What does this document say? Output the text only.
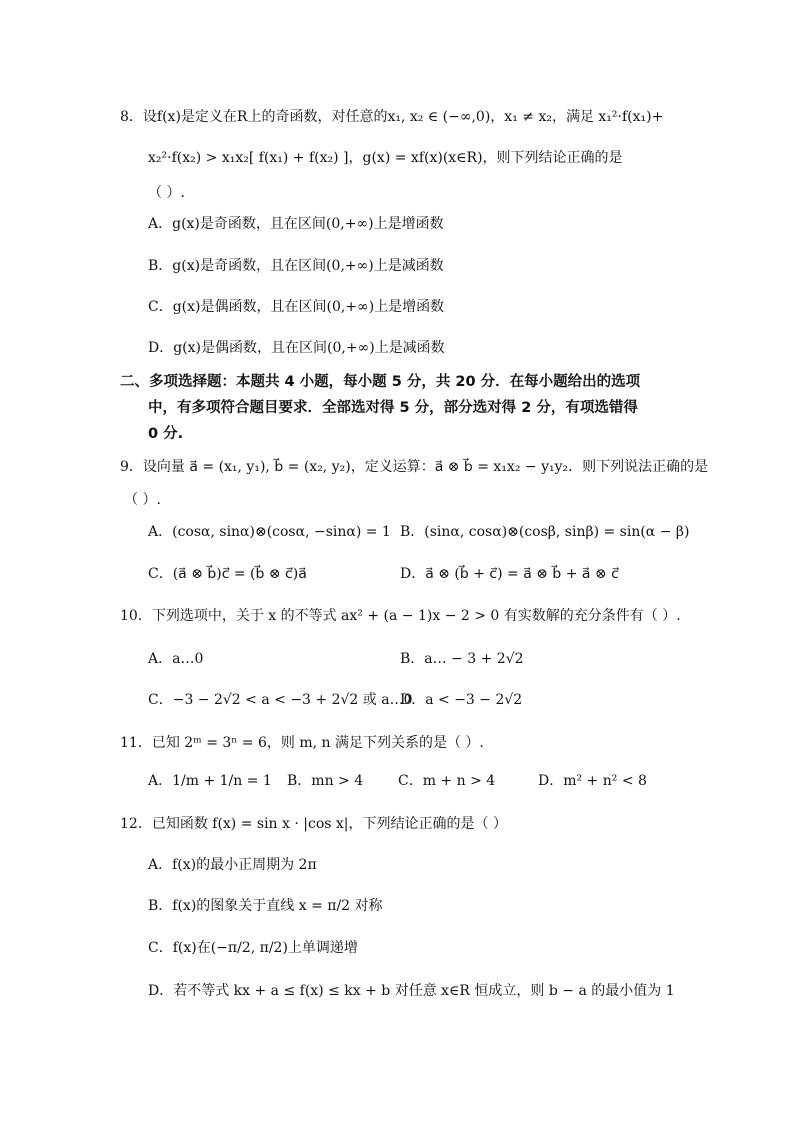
8．设f(x)是定义在R上的奇函数，对任意的x₁, x₂ ∈ (−∞,0)，x₁ ≠ x₂，满足 x₁²·f(x₁)+
x₂²·f(x₂) > x₁x₂[ f(x₁) + f(x₂) ]，g(x) = xf(x)(x∈R)，则下列结论正确的是
（ ）.
A．g(x)是奇函数，且在区间(0,+∞)上是增函数
B．g(x)是奇函数，且在区间(0,+∞)上是减函数
C．g(x)是偶函数，且在区间(0,+∞)上是增函数
D．g(x)是偶函数，且在区间(0,+∞)上是减函数
二、多项选择题：本题共 4 小题，每小题 5 分，共 20 分．在每小题给出的选项
中，有多项符合题目要求．全部选对得 5 分，部分选对得 2 分，有项选错得
0 分.
9．设向量 a⃗ = (x₁, y₁), b⃗ = (x₂, y₂)，定义运算：a⃗ ⊗ b⃗ = x₁x₂ − y₁y₂．则下列说法正确的是
（ ）.
A．(cosα, sinα)⊗(cosα, −sinα) = 1 B．(sinα, cosα)⊗(cosβ, sinβ) = sin(α − β)
C．(a⃗ ⊗ b⃗)c⃗ = (b⃗ ⊗ c⃗)a⃗	D．a⃗ ⊗ (b⃗ + c⃗) = a⃗ ⊗ b⃗ + a⃗ ⊗ c⃗
10．下列选项中，关于 x 的不等式 ax² + (a − 1)x − 2 > 0 有实数解的充分条件有（ ）.
A．a…0	B．a… − 3 + 2√2
C．−3 − 2√2 < a < −3 + 2√2 或 a…0
D．a < −3 − 2√2
11．已知 2ᵐ = 3ⁿ = 6，则 m, n 满足下列关系的是（ ）.
A．1/m + 1/n = 1 B．mn > 4 C．m + n > 4	D．m² + n² < 8
12．已知函数 f(x) = sin x · |cos x|，下列结论正确的是（ ）
A．f(x)的最小正周期为 2π
B．f(x)的图象关于直线 x = π/2 对称
C．f(x)在(−π/2, π/2)上单调递增
D．若不等式 kx + a ≤ f(x) ≤ kx + b 对任意 x∈R 恒成立，则 b − a 的最小值为 1
